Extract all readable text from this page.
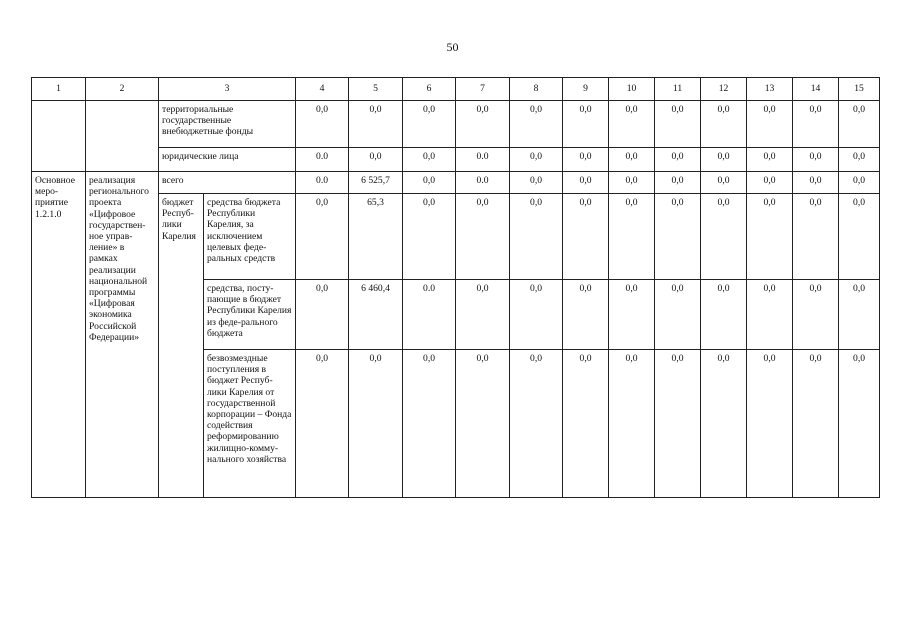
50
1	2	3		4	5	6	7	8	9	10	11	12	13	14	15
		территориальные государственные внебюджетные фонды		0,0	0,0	0,0	0,0	0,0	0,0	0,0	0,0	0,0	0,0	0,0	0,0
		юридические лица		0.0	0,0	0,0	0.0	0,0	0,0	0,0	0,0	0,0	0,0	0,0	0,0
Основное меро-приятие 1.2.1.0	реализация регионального проекта «Цифровое государствен-ное управ-ление» в рамках реализации национальной программы «Цифровая экономика Российской Федерации»	всего		0.0	6 525,7	0,0	0.0	0,0	0,0	0,0	0,0	0,0	0,0	0,0	0,0
		бюджет Респуб-лики Карелия	средства бюджета Республики Карелия, за исключением целевых феде-ральных средств	0,0	65,3	0,0	0,0	0,0	0,0	0,0	0,0	0,0	0,0	0,0	0,0
			средства, посту-пающие в бюджет Республики Карелия из феде-рального бюджета	0,0	6 460,4	0.0	0,0	0,0	0,0	0,0	0,0	0,0	0,0	0,0	0,0
			безвозмездные поступления в бюджет Респуб-лики Карелия от государственной корпорации – Фонда содействия реформированию жилищно-комму-нального хозяйства	0,0	0,0	0,0	0,0	0,0	0,0	0,0	0,0	0,0	0,0	0,0	0,0
